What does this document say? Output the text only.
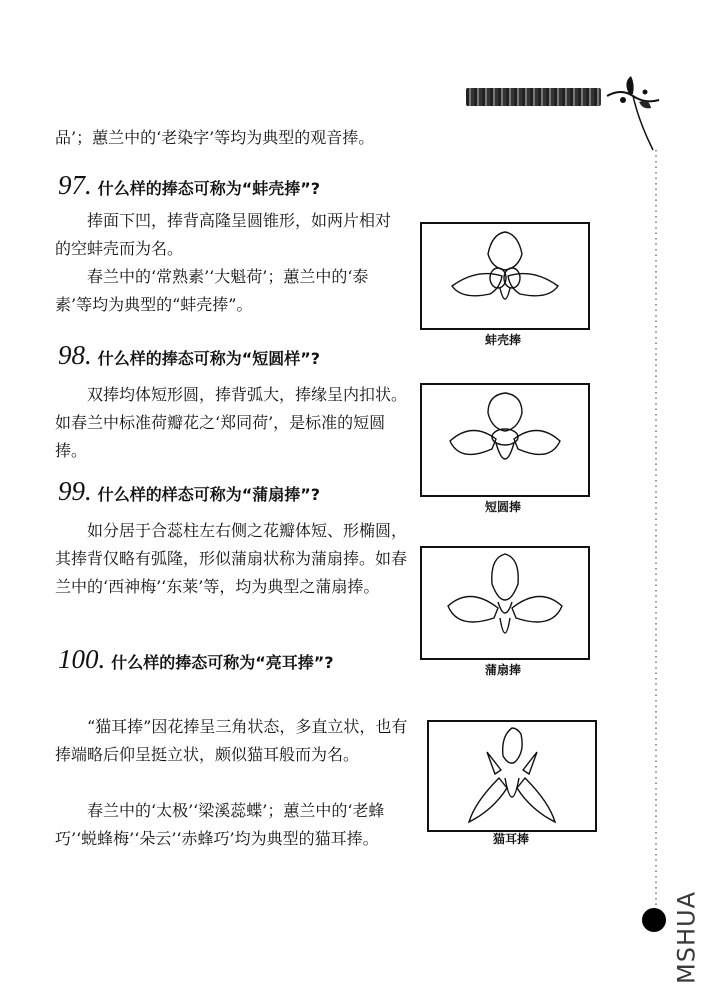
MSHUA

品’；蕙兰中的‘老染字’等均为典型的观音捧。

97. 什么样的捧态可称为“蚌壳捧”?

捧面下凹，捧背高隆呈圆锥形，如两片相对的空蚌壳而为名。

春兰中的‘常熟素’‘大魁荷’；蕙兰中的‘泰素’等均为典型的“蚌壳捧”。

蚌壳捧
98. 什么样的捧态可称为“短圆样”?

双捧均体短形圆，捧背弧大，捧缘呈内扣状。如春兰中标准荷瓣花之‘郑同荷’，是标准的短圆捧。

短圆捧
99. 什么样的样态可称为“蒲扇捧”?

如分居于合蕊柱左右侧之花瓣体短、形椭圆，其捧背仅略有弧隆，形似蒲扇状称为蒲扇捧。如春兰中的‘西神梅’‘东莱’等，均为典型之蒲扇捧。

蒲扇捧
100. 什么样的捧态可称为“亮耳捧”?

“猫耳捧”因花捧呈三角状态，多直立状，也有捧端略后仰呈挺立状，颇似猫耳般而为名。

春兰中的‘太极’‘梁溪蕊蝶’；蕙兰中的‘老蜂巧’‘蜕蜂梅’‘朵云’‘赤蜂巧’均为典型的猫耳捧。	猫耳捧
